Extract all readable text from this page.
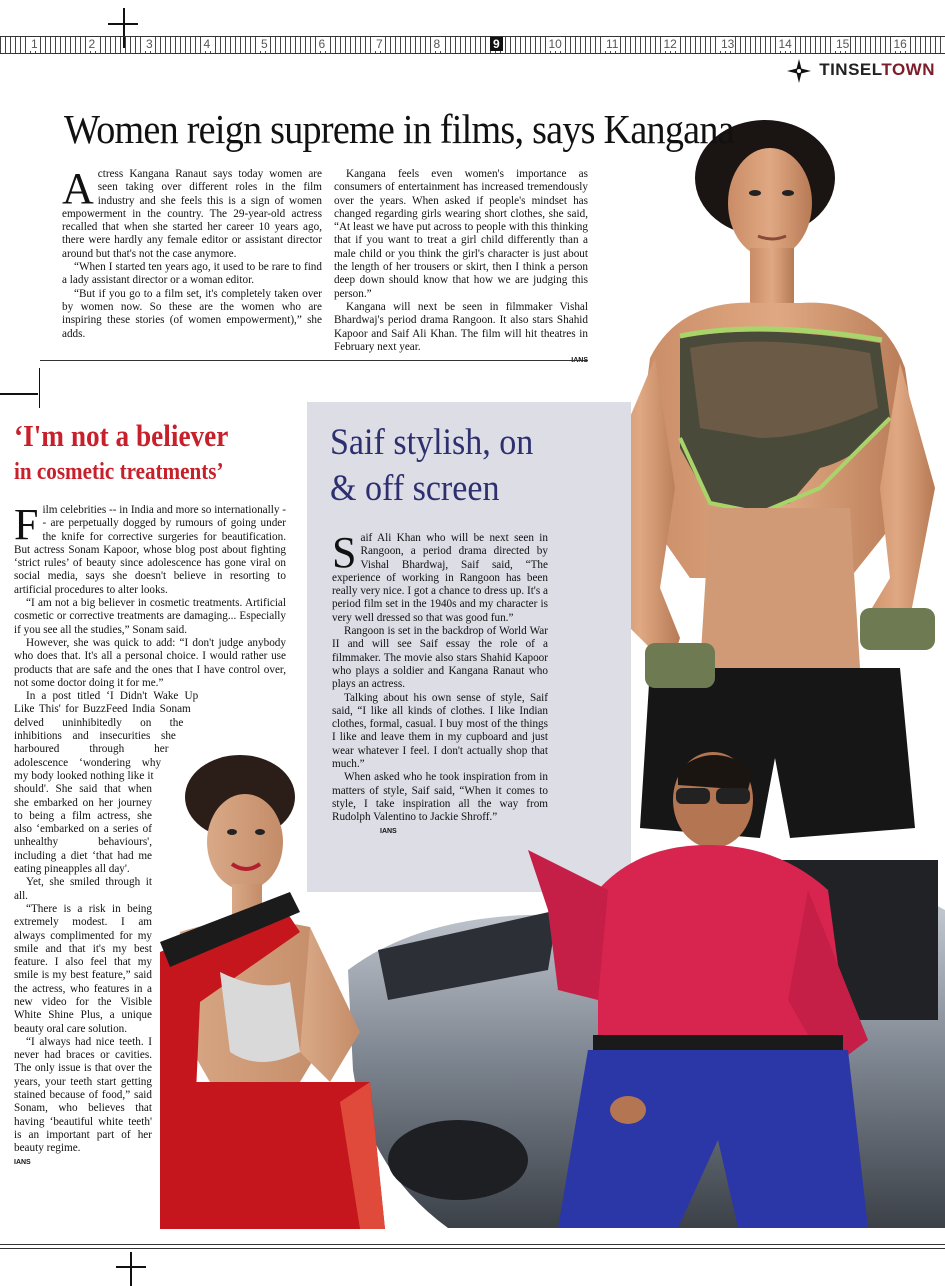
1	2	3	4	5	6	7	8	9	10	11	12	13	14	15	16
TINSELTOWN
Women reign supreme in films, says Kangana
A ctress Kangana Ranaut says today women are seen taking over different roles in the film industry and she feels this is a sign of women empowerment in the country. The 29-year-old actress recalled that when she started her career 10 years ago, there were hardly any female editor or assistant director around but that's not the case anymore.

“When I started ten years ago, it used to be rare to find a lady assistant director or a woman editor.

“But if you go to a film set, it's completely taken over by women now. So these are the women who are inspiring these stories (of women empowerment),” she adds.

Kangana feels even women's importance as consumers of entertainment has increased tremendously over the years. When asked if people's mindset has changed regarding girls wearing short clothes, she said, “At least we have put across to people with this thinking that if you want to treat a girl child differently than a male child or you think the girl's character is just about the length of her trousers or skirt, then I think a person deep down should know that how we are judging this person.”

Kangana will next be seen in filmmaker Vishal Bhardwaj's period drama Rangoon. It also stars Shahid Kapoor and Saif Ali Khan. The film will hit theatres in February next year.

‘I'm not a believer
in cosmetic treatments’
F ilm celebrities -- in India and more so internationally -- are perpetually dogged by rumours of going under the knife for corrective surgeries for beautification. But actress Sonam Kapoor, whose blog post about fighting ‘strict rules’ of beauty since adolescence has gone viral on social media, says she doesn't believe in resorting to artificial procedures to alter looks.

“I am not a big believer in cosmetic treatments. Artificial cosmetic or corrective treatments are damaging... Especially if you see all the studies,” Sonam said.

However, she was quick to add: “I don't judge anybody who does that. It's all a personal choice. I would rather use products that are safe and the ones that I have control over, not some doctor doing it for me.”

In a post titled ‘I Didn't Wake Up Like This' for BuzzFeed India Sonam delved uninhibitedly on the inhibitions and insecurities she harboured through her adolescence ‘wondering why my body looked nothing like it should'. She said that when she embarked on her journey to being a film actress, she also ‘embarked on a series of unhealthy behaviours', including a diet ‘that had me eating pineapples all day'.

Yet, she smiled through it all.

“There is a risk in being extremely modest. I am always complimented for my smile and that it's my best feature. I also feel that my smile is my best feature,” said the actress, who features in a new video for the Visible White Shine Plus, a unique beauty oral care solution.

“I always had nice teeth. I never had braces or cavities. The only issue is that over the years, your teeth start getting stained because of food,” said Sonam, who believes that having ‘beautiful white teeth' is an important part of her beauty regime.

IANS
Saif stylish, on
& off screen
S aif Ali Khan who will be next seen in Rangoon, a period drama directed by Vishal Bhardwaj, Saif said, “The experience of working in Rangoon has been really very nice. I got a chance to dress up. It's a period film set in the 1940s and my character is very well dressed so that was good fun.”

Rangoon is set in the backdrop of World War II and will see Saif essay the role of a filmmaker. The movie also stars Shahid Kapoor who plays a soldier and Kangana Ranaut who plays an actress.

Talking about his own sense of style, Saif said, “I like all kinds of clothes. I like Indian clothes, formal, casual. I buy most of the things I like and leave them in my cupboard and just wear whatever I feel. I don't actually shop that much.”

When asked who he took inspiration from in matters of style, Saif said, “When it comes to style, I take inspiration all the way from Rudolph Valentino to Jackie Shroff.”

IANS
